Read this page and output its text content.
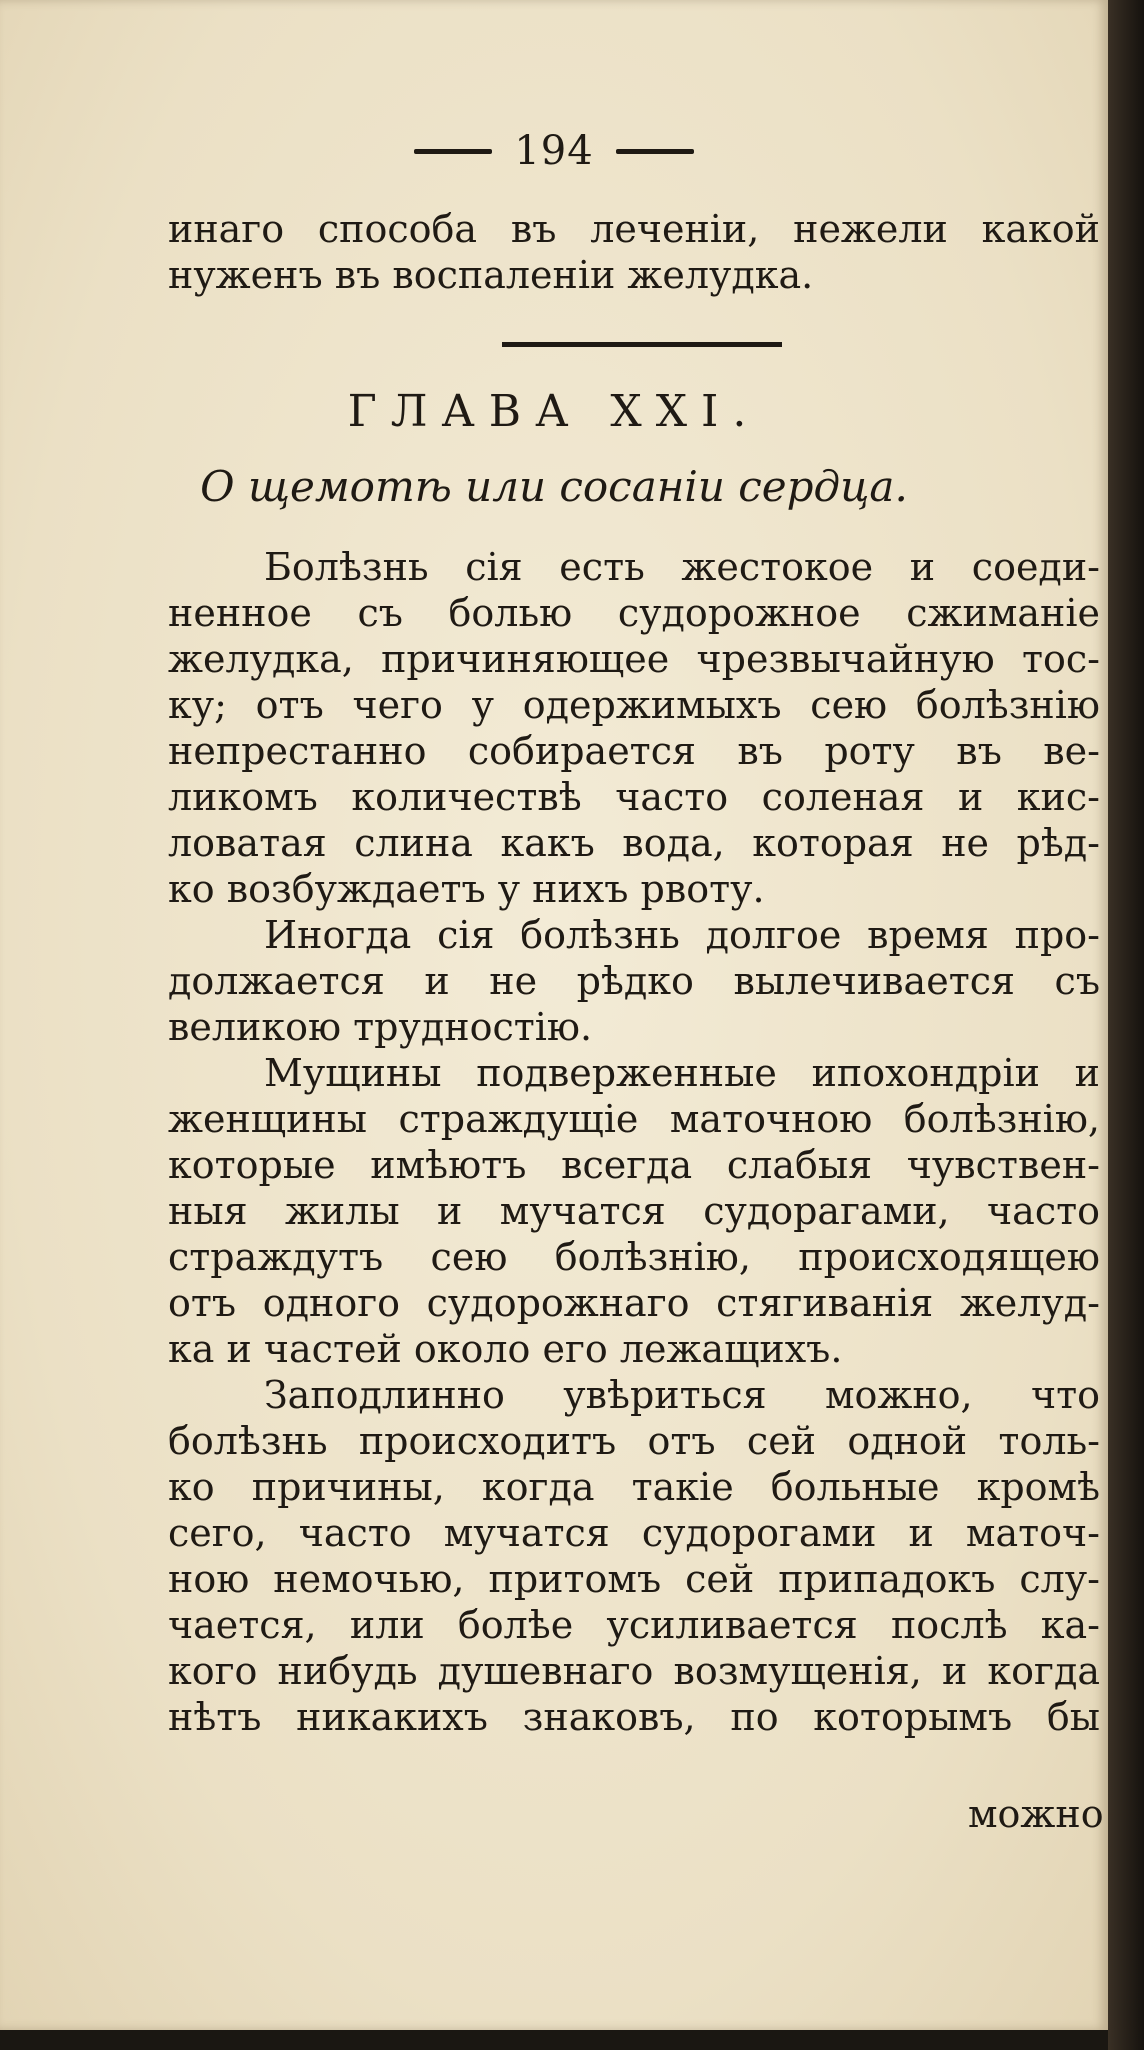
194
инаго способа въ леченіи, нежели какой
нуженъ въ воспаленіи желудка.
ГЛАВА XXI.
О щемотѣ или сосаніи сердца.
Болѣзнь сія есть жестокое и соеди-
ненное съ болью судорожное сжиманіе
желудка, причиняющее чрезвычайную тос-
ку; отъ чего у одержимыхъ сею болѣзнію
непрестанно собирается въ роту въ ве-
ликомъ количествѣ часто соленая и кис-
ловатая слина какъ вода, которая не рѣд-
ко возбуждаетъ у нихъ рвоту.
Иногда сія болѣзнь долгое время про-
должается и не рѣдко вылечивается съ
великою трудностію.
Мущины подверженные ипохондріи и
женщины страждущіе маточною болѣзнію,
которые имѣютъ всегда слабыя чувствен-
ныя жилы и мучатся судорагами, часто
страждутъ сею болѣзнію, происходящею
отъ одного судорожнаго стягиванія желуд-
ка и частей около его лежащихъ.
Заподлинно увѣриться можно, что
болѣзнь происходитъ отъ сей одной толь-
ко причины, когда такіе больные кромѣ
сего, часто мучатся судорогами и маточ-
ною немочью, притомъ сей припадокъ слу-
чается, или болѣе усиливается послѣ ка-
кого нибудь душевнаго возмущенія, и когда
нѣтъ никакихъ знаковъ, по которымъ бы
можно
